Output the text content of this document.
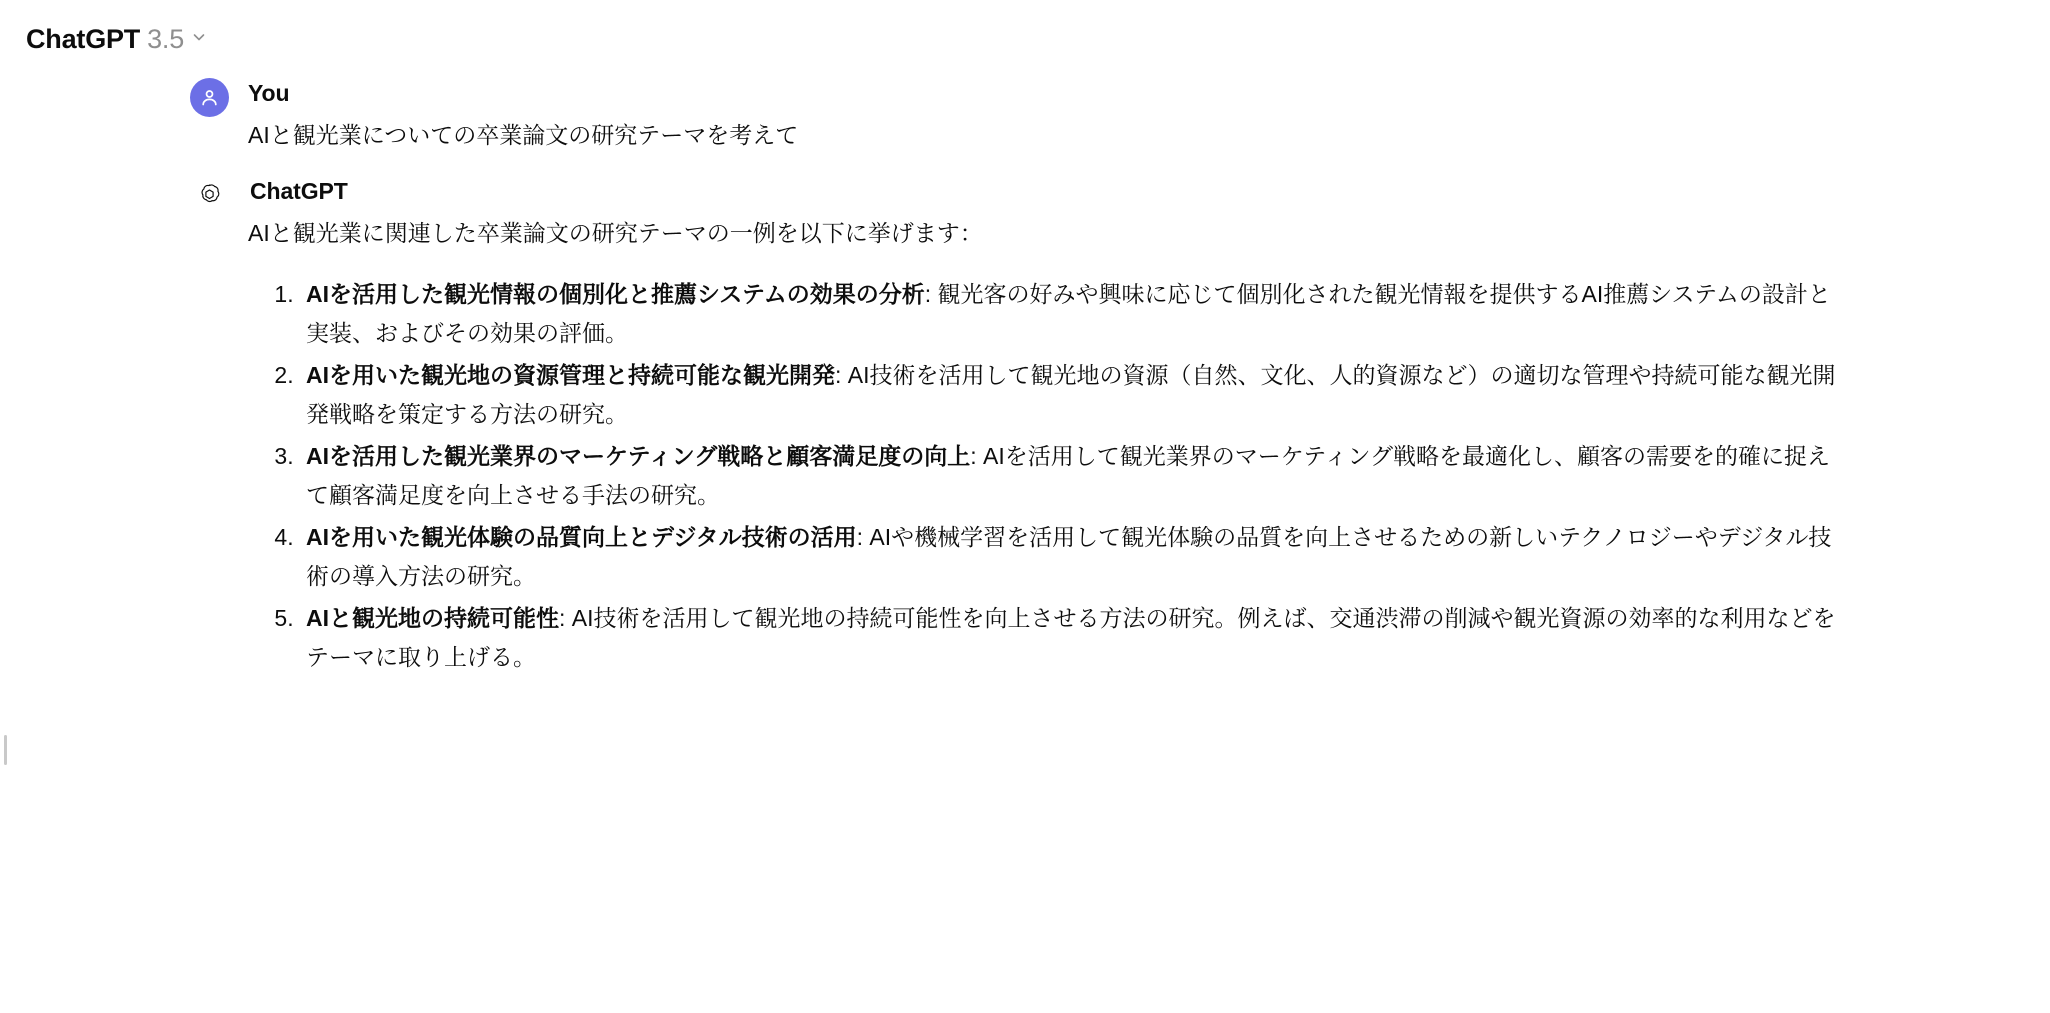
ChatGPT 3.5
You
AIと観光業についての卒業論文の研究テーマを考えて
ChatGPT
AIと観光業に関連した卒業論文の研究テーマの一例を以下に挙げます：
1. AIを活用した観光情報の個別化と推薦システムの効果の分析: 観光客の好みや興味に応じて個別化された観光情報を提供するAI推薦システムの設計と実装、およびその効果の評価。
2. AIを用いた観光地の資源管理と持続可能な観光開発: AI技術を活用して観光地の資源（自然、文化、人的資源など）の適切な管理や持続可能な観光開発戦略を策定する方法の研究。
3. AIを活用した観光業界のマーケティング戦略と顧客満足度の向上: AIを活用して観光業界のマーケティング戦略を最適化し、顧客の需要を的確に捉えて顧客満足度を向上させる手法の研究。
4. AIを用いた観光体験の品質向上とデジタル技術の活用: AIや機械学習を活用して観光体験の品質を向上させるための新しいテクノロジーやデジタル技術の導入方法の研究。
5. AIと観光地の持続可能性: AI技術を活用して観光地の持続可能性を向上させる方法の研究。例えば、交通渋滞の削減や観光資源の効率的な利用などをテーマに取り上げる。
